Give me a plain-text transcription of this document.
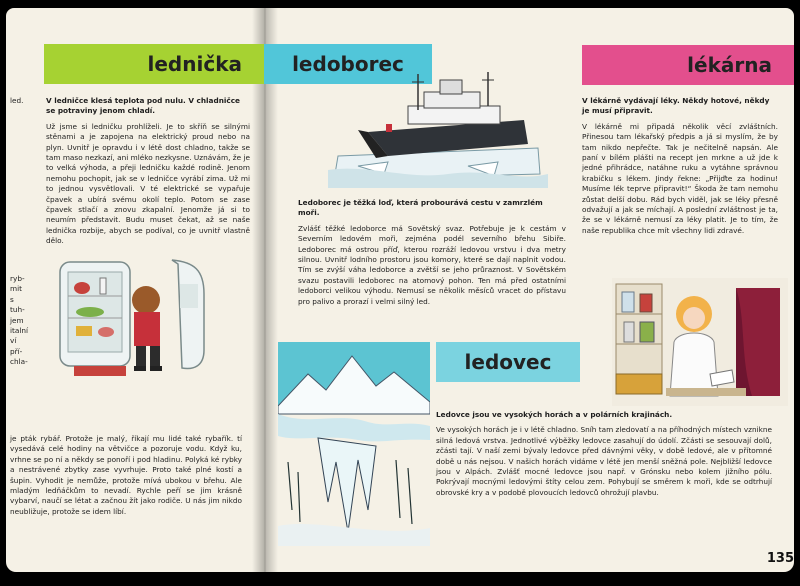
lednička	ledoborec	lékárna
ledovec
led.
ryb-
mit
s
tuh-
jem
italní
ví
pří-
chla-

V ledničce klesá teplota pod nulu. V chladničce se potraviny jenom chladí.

Už jsme si ledničku prohlíželi. Je to skříň se silnými stěnami a je zapojena na elektrický proud nebo na plyn. Uvnitř je opravdu i v létě dost chladno, takže se tam maso nezkazí, ani mléko nezkysne. Uznávám, že je to velká výhoda, a přeji ledničku každé rodině. Jenom nemohu pochopit, jak se v ledničce vyrábí zima. Už mi to jednou vysvětlovali. V té elektrické se vypařuje čpavek a ubírá svému okolí teplo. Potom se zase čpavek stlačí a znovu zkapalní. Jenomže já si to neumím představit. Budu muset čekat, až se naše lednička rozbije, abych se podíval, co je uvnitř vlastně dělo.

je pták rybář. Protože je malý, říkají mu lidé také rybařík. tí vysedává celé hodiny na větvičce a pozoruje vodu. Když ku, vrhne se po ní a někdy se ponoří i pod hladinu. Polyká ké rybky a nestrávené zbytky zase vyvrhuje. Proto také plné kostí a šupin. Vyhodit je nemůže, protože mívá ubokou v břehu. Ale mladým ledňáčkům to nevadí. Rychle peří se jim krásně vybarví, naučí se létat a začnou žít jako rodiče. U nás jim nikdo neubližuje, protože se idem líbí.

Ledoborec je těžká loď, která probourává cestu v zamrzlém moři.

Zvlášť těžké ledoborce má Sovětský svaz. Potřebuje je k cestám v Severním ledovém moři, zejména podél severního břehu Sibiře. Ledoborec má ostrou příď, kterou rozráží ledovou vrstvu i dva metry silnou. Uvnitř lodního prostoru jsou komory, které se dají naplnit vodou. Tím se zvýší váha ledoborce a zvětší se jeho průraznost. V Sovětském svazu postavili ledoborec na atomový pohon. Ten má před ostatními ledoborci velikou výhodu. Nemusí se několik měsíců vracet do přístavu pro palivo a prorazí i velmi silný led.

Ledovce jsou ve vysokých horách a v polárních krajinách.

Ve vysokých horách je i v létě chladno. Sníh tam zledovatí a na příhodných místech vznikne silná ledová vrstva. Jednotlivé výběžky ledovce zasahují do údolí. Zčásti se sesouvají dolů, zčásti tají. V naší zemi bývaly ledovce před dávnými věky, v době ledové, ale v přítomné době u nás nejsou. V našich horách vidáme v létě jen menší sněžná pole. Nejbližší ledovce jsou v Alpách. Zvlášť mocné ledovce jsou např. v Grónsku nebo kolem jižního pólu. Pokrývají mocnými ledovými štíty celou zem. Pohybují se směrem k moři, kde se odtrhují obrovské kry a v podobě plovoucích ledovců ohrožují plavbu.

V lékárně vydávají léky. Někdy hotové, někdy je musí připravit.

V lékárně mi připadá několik věcí zvláštních. Přinesou tam lékařský předpis a já si myslím, že by tam nikdo nepřečte. Tak je nečitelně napsán. Ale paní v bílém plášti na recept jen mrkne a už jde k jedné přihrádce, natáhne ruku a vytáhne správnou krabičku s lékem. Jindy řekne: „Přijďte za hodinu! Musíme lék teprve připravit!“ Škoda že tam nemohu zůstat delší dobu. Rád bych viděl, jak se léky přesně odvažují a jak se míchají. A poslední zvláštnost je ta, že se v lékárně nemusí za léky platit. Je to tím, že naše republika chce mít všechny lidi zdravé.

135
